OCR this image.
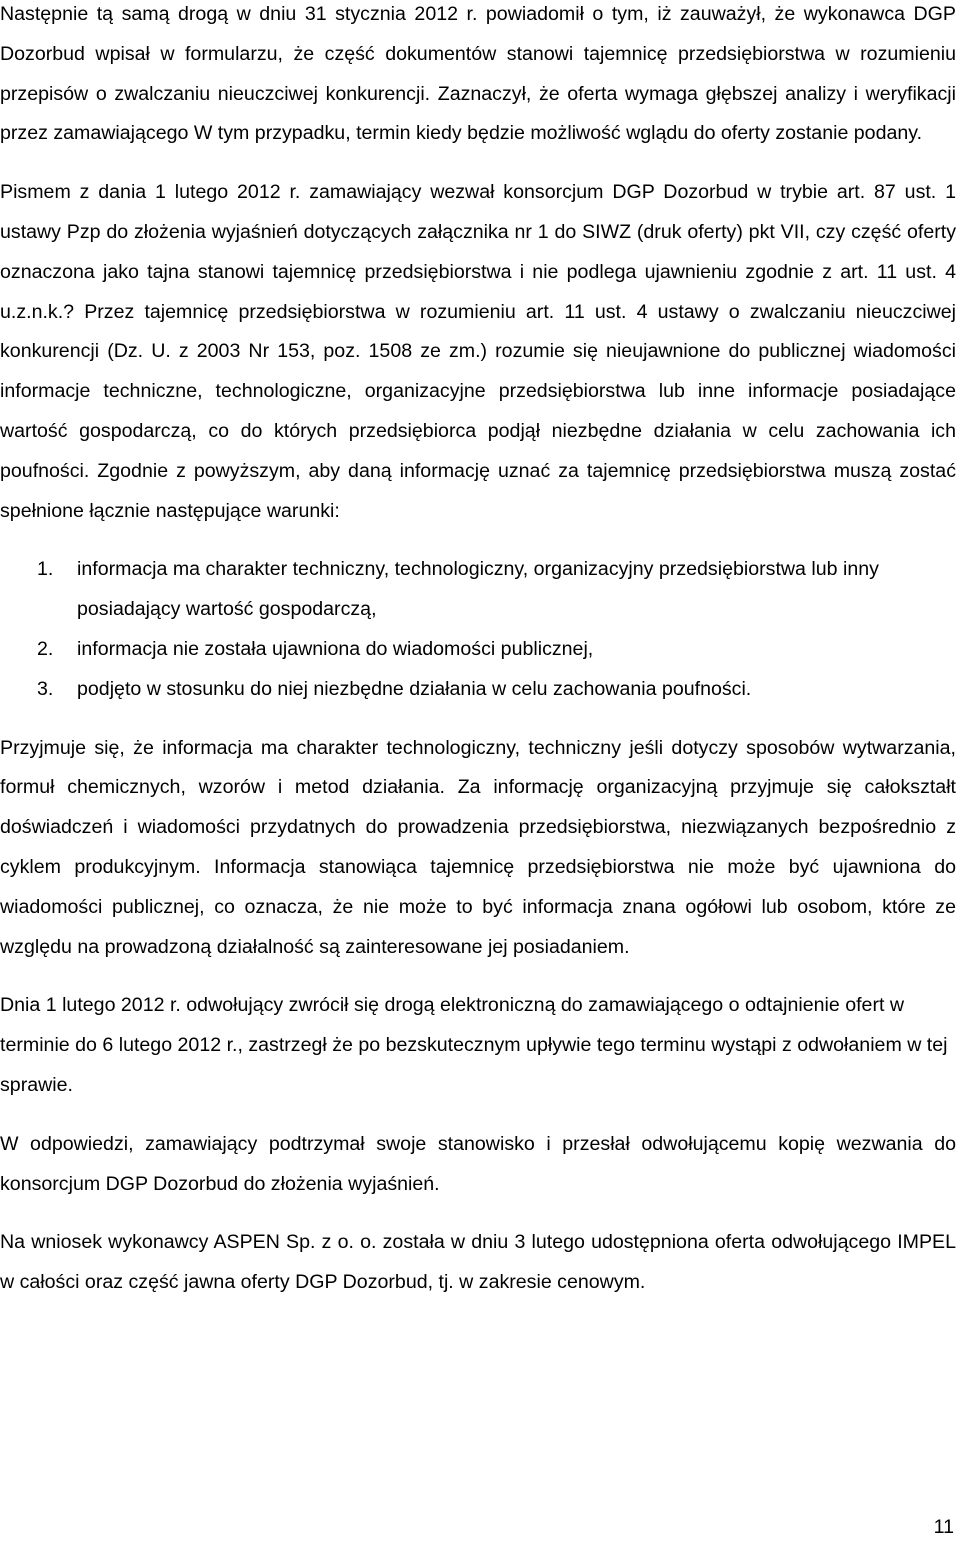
Następnie tą samą drogą w dniu 31 stycznia 2012 r. powiadomił o tym, iż zauważył, że wykonawca DGP Dozorbud wpisał w formularzu, że część dokumentów stanowi tajemnicę przedsiębiorstwa w rozumieniu przepisów o zwalczaniu nieuczciwej konkurencji. Zaznaczył, że oferta wymaga głębszej analizy i weryfikacji przez zamawiającego W tym przypadku, termin kiedy będzie możliwość wglądu do oferty zostanie podany.

Pismem z dania 1 lutego 2012 r. zamawiający wezwał konsorcjum DGP Dozorbud w trybie art. 87 ust. 1 ustawy Pzp do złożenia wyjaśnień dotyczących załącznika nr 1 do SIWZ (druk oferty) pkt VII, czy część oferty oznaczona jako tajna stanowi tajemnicę przedsiębiorstwa i nie podlega ujawnieniu zgodnie z art. 11 ust. 4 u.z.n.k.? Przez tajemnicę przedsiębiorstwa w rozumieniu art. 11 ust. 4 ustawy o zwalczaniu nieuczciwej konkurencji (Dz. U. z 2003 Nr 153, poz. 1508 ze zm.) rozumie się nieujawnione do publicznej wiadomości informacje techniczne, technologiczne, organizacyjne przedsiębiorstwa lub inne informacje posiadające wartość gospodarczą, co do których przedsiębiorca podjął niezbędne działania w celu zachowania ich poufności. Zgodnie z powyższym, aby daną informację uznać za tajemnicę przedsiębiorstwa muszą zostać spełnione łącznie następujące warunki:

1. informacja ma charakter techniczny, technologiczny, organizacyjny przedsiębiorstwa lub inny posiadający wartość gospodarczą,
2. informacja nie została ujawniona do wiadomości publicznej,
3. podjęto w stosunku do niej niezbędne działania w celu zachowania poufności.

Przyjmuje się, że informacja ma charakter technologiczny, techniczny jeśli dotyczy sposobów wytwarzania, formuł chemicznych, wzorów i metod działania. Za informację organizacyjną przyjmuje się całokształt doświadczeń i wiadomości przydatnych do prowadzenia przedsiębiorstwa, niezwiązanych bezpośrednio z cyklem produkcyjnym. Informacja stanowiąca tajemnicę przedsiębiorstwa nie może być ujawniona do wiadomości publicznej, co oznacza, że nie może to być informacja znana ogółowi lub osobom, które ze względu na prowadzoną działalność są zainteresowane jej posiadaniem.

Dnia 1 lutego 2012 r. odwołujący zwrócił się drogą elektroniczną do zamawiającego o odtajnienie ofert w terminie do 6 lutego 2012 r., zastrzegł że po bezskutecznym upływie tego terminu wystąpi z odwołaniem w tej sprawie.

W odpowiedzi, zamawiający podtrzymał swoje stanowisko i przesłał odwołującemu kopię wezwania do konsorcjum DGP Dozorbud do złożenia wyjaśnień.

Na wniosek wykonawcy ASPEN Sp. z o. o. została w dniu 3 lutego udostępniona oferta odwołującego IMPEL w całości oraz część jawna oferty DGP Dozorbud, tj. w zakresie cenowym.

11
